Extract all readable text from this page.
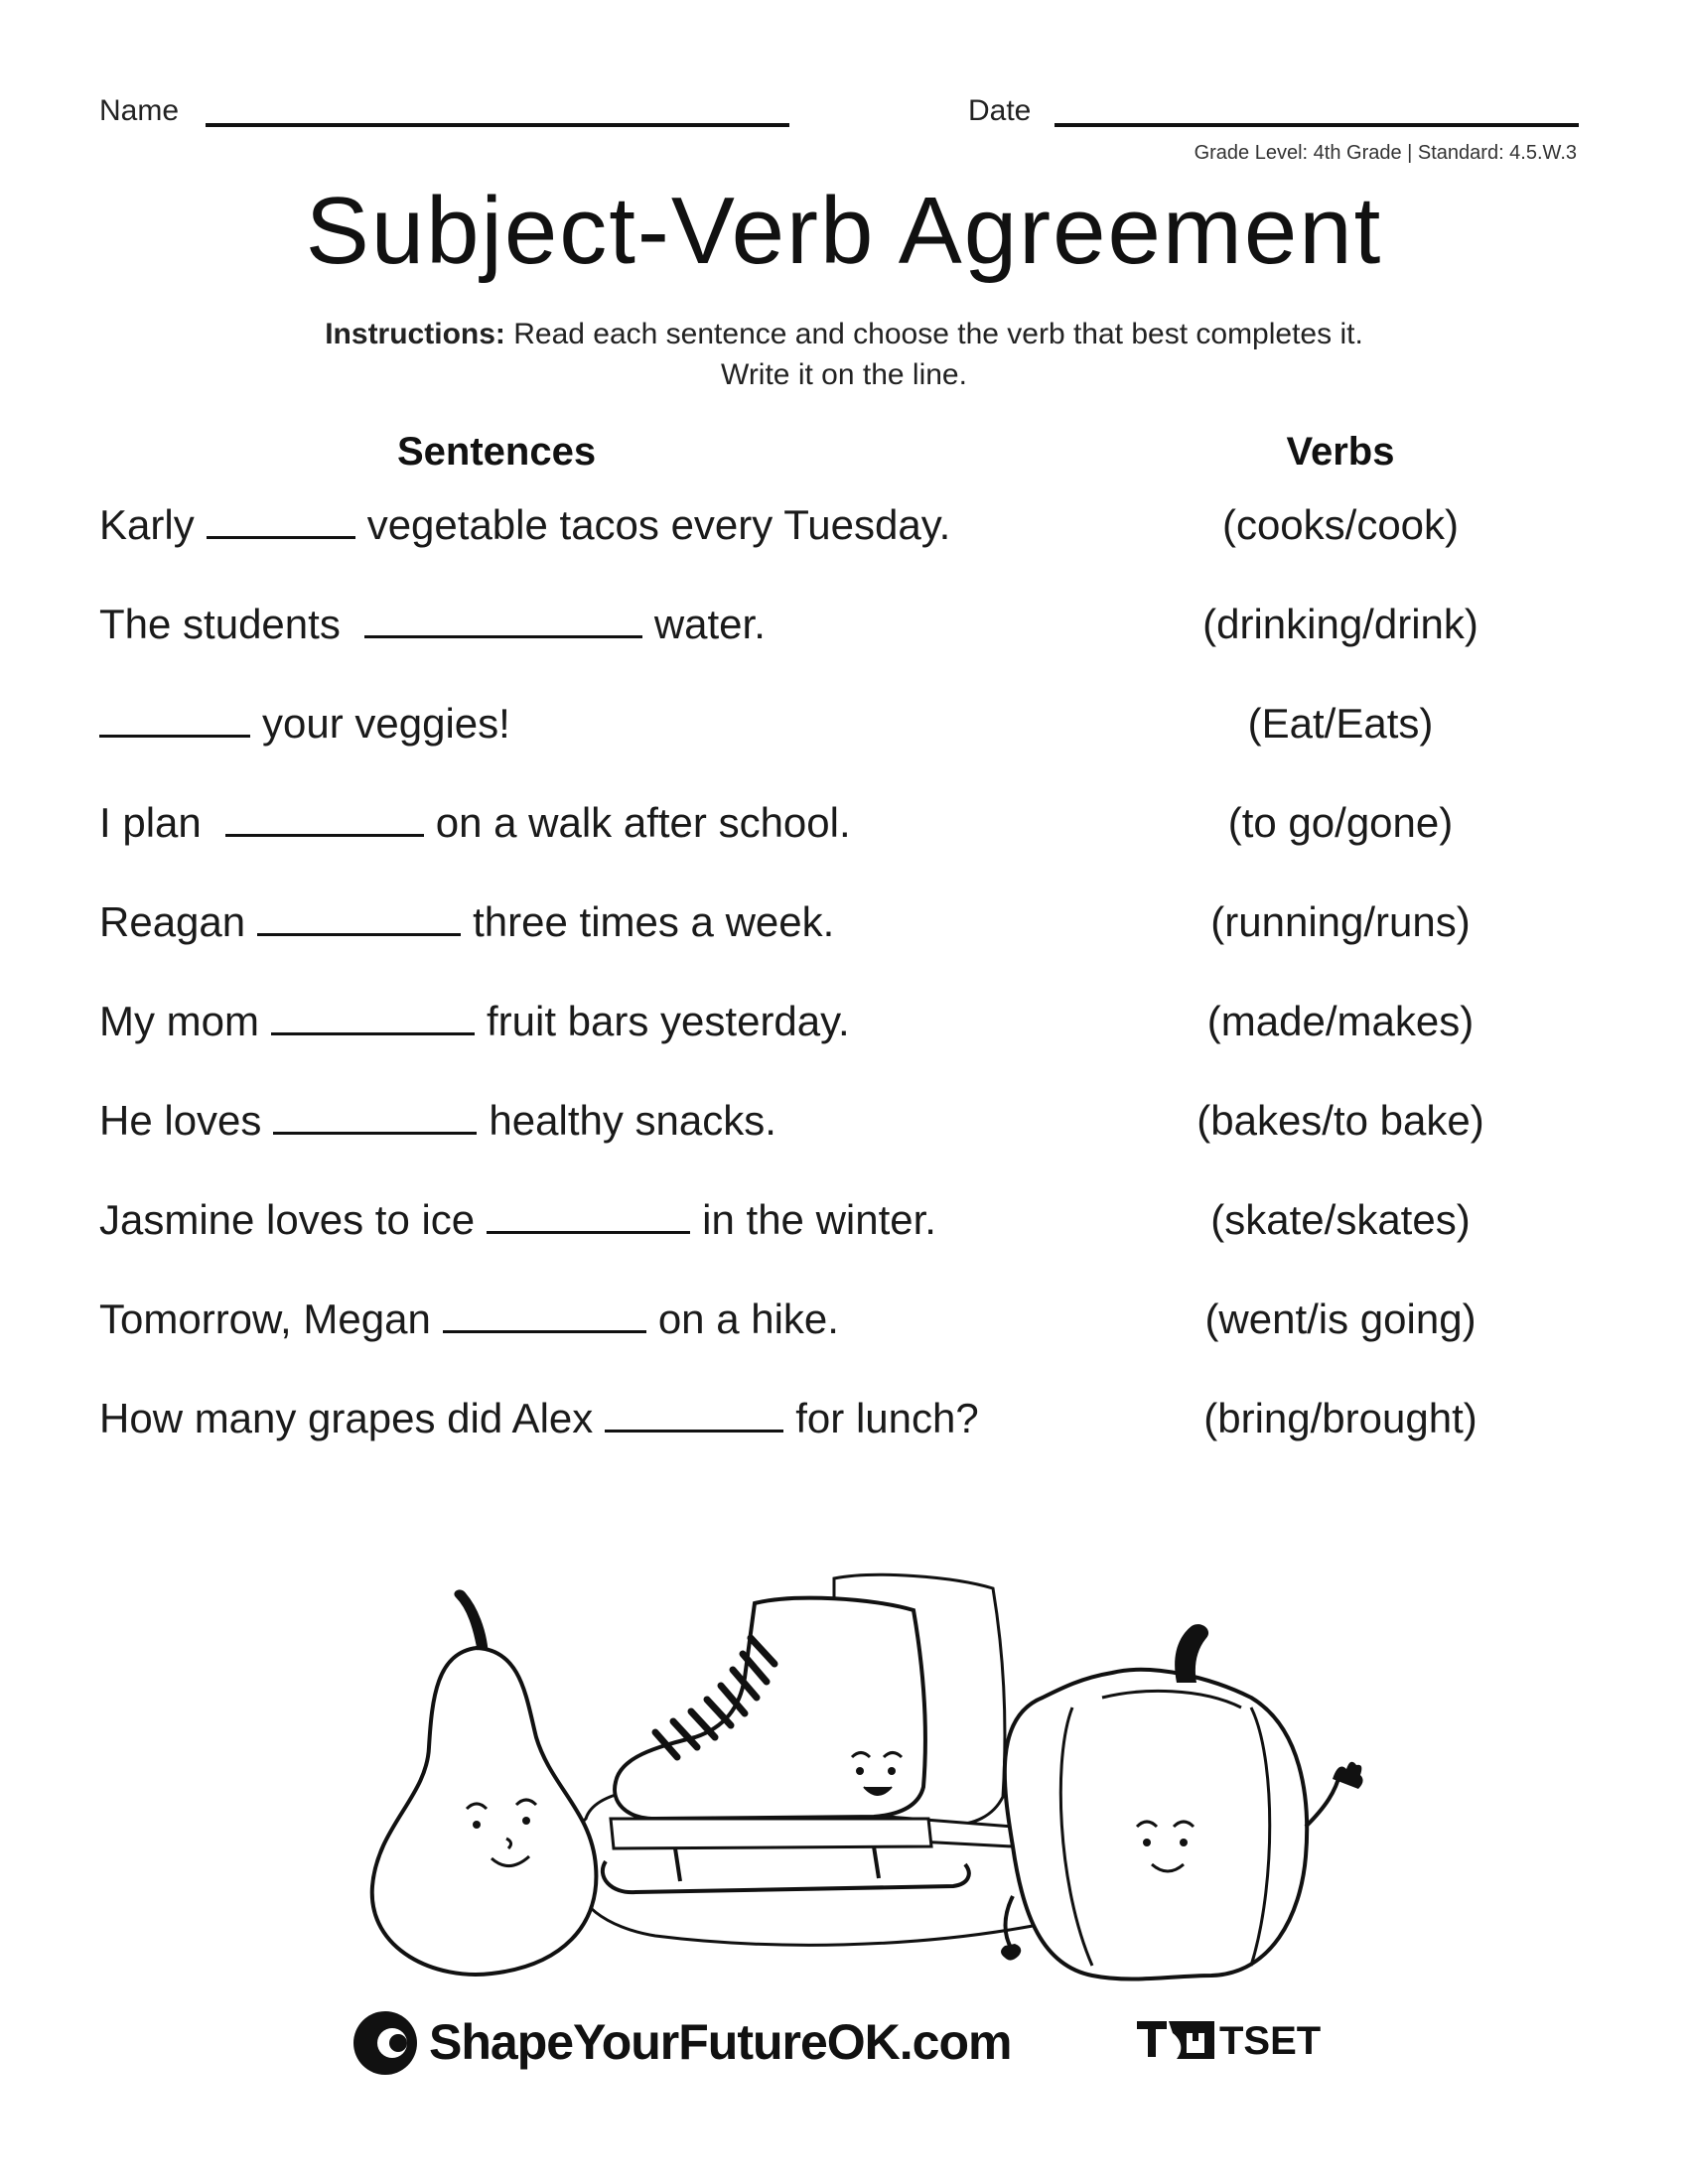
Name	Date
Grade Level: 4th Grade | Standard: 4.5.W.3
Subject-Verb Agreement
Instructions: Read each sentence and choose the verb that best completes it.
Write it on the line.
Sentences	Verbs
Karly	vegetable tacos every Tuesday.	(cooks/cook)
The students	water.	(drinking/drink)
your veggies!	(Eat/Eats)
I plan	on a walk after school.	(to go/gone)
Reagan	three times a week.	(running/runs)
My mom	fruit bars yesterday.	(made/makes)
He loves	healthy snacks.	(bakes/to bake)
Jasmine loves to ice	in the winter.	(skate/skates)
Tomorrow, Megan	on a hike.	(went/is going)
How many grapes did Alex	for lunch?	(bring/brought)
ShapeYourFutureOK.com	TSET
